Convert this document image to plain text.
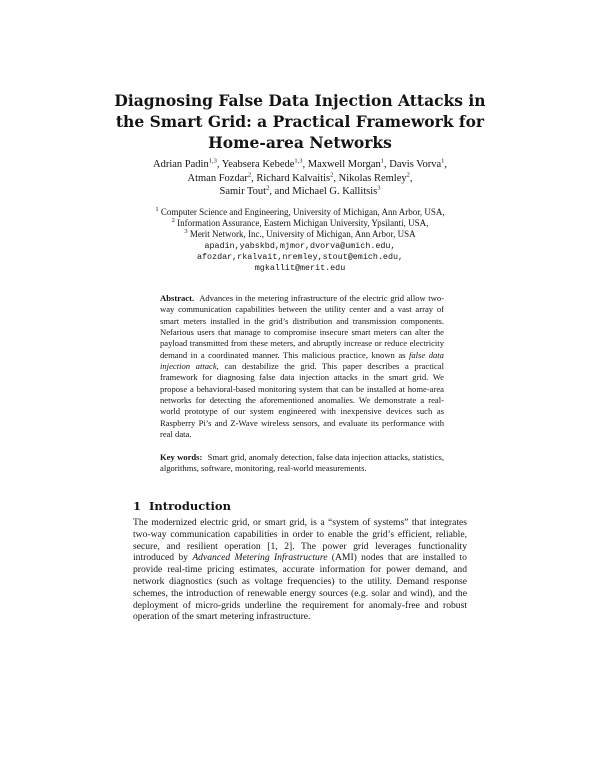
Diagnosing False Data Injection Attacks in the Smart Grid: a Practical Framework for Home-area Networks
Adrian Padin$^{1,3}$, Yeabsera Kebede$^{1,3}$, Maxwell Morgan$^1$, Davis Vorva$^1$,
Atman Fozdar$^2$, Richard Kalvaitis$^2$, Nikolas Remley$^2$,
Samir Tout$^2$, and Michael G. Kallitsis$^3$
$^1$ Computer Science and Engineering, University of Michigan, Ann Arbor, USA,
$^2$ Information Assurance, Eastern Michigan University, Ypsilanti, USA,
$^3$ Merit Network, Inc., University of Michigan, Ann Arbor, USA
apadin,yabskbd,mjmor,dvorva@umich.edu,
afozdar,rkalvait,nremley,stout@emich.edu,
mgkallit@merit.edu
Abstract. Advances in the metering infrastructure of the electric grid allow two-way communication capabilities between the utility center and a vast array of smart meters installed in the grid’s distribution and transmission components. Nefarious users that manage to compromise insecure smart meters can alter the payload transmitted from these meters, and abruptly increase or reduce electricity demand in a coordinated manner. This malicious practice, known as false data injection attack, can destabilize the grid. This paper describes a practical framework for diagnosing false data injection attacks in the smart grid. We propose a behavioral-based monitoring system that can be installed at home-area networks for detecting the aforementioned anomalies. We demonstrate a real-world prototype of our system engineered with inexpensive devices such as Raspberry Pi’s and Z-Wave wireless sensors, and evaluate its performance with real data.
Key words: Smart grid, anomaly detection, false data injection attacks, statistics, algorithms, software, monitoring, real-world measurements.
1 Introduction
The modernized electric grid, or smart grid, is a “system of systems” that integrates two-way communication capabilities in order to enable the grid’s efficient, reliable, secure, and resilient operation [1, 2]. The power grid leverages functionality introduced by Advanced Metering Infrastructure (AMI) nodes that are installed to provide real-time pricing estimates, accurate information for power demand, and network diagnostics (such as voltage frequencies) to the utility. Demand response schemes, the introduction of renewable energy sources (e.g. solar and wind), and the deployment of micro-grids underline the requirement for anomaly-free and robust operation of the smart metering infrastructure.
